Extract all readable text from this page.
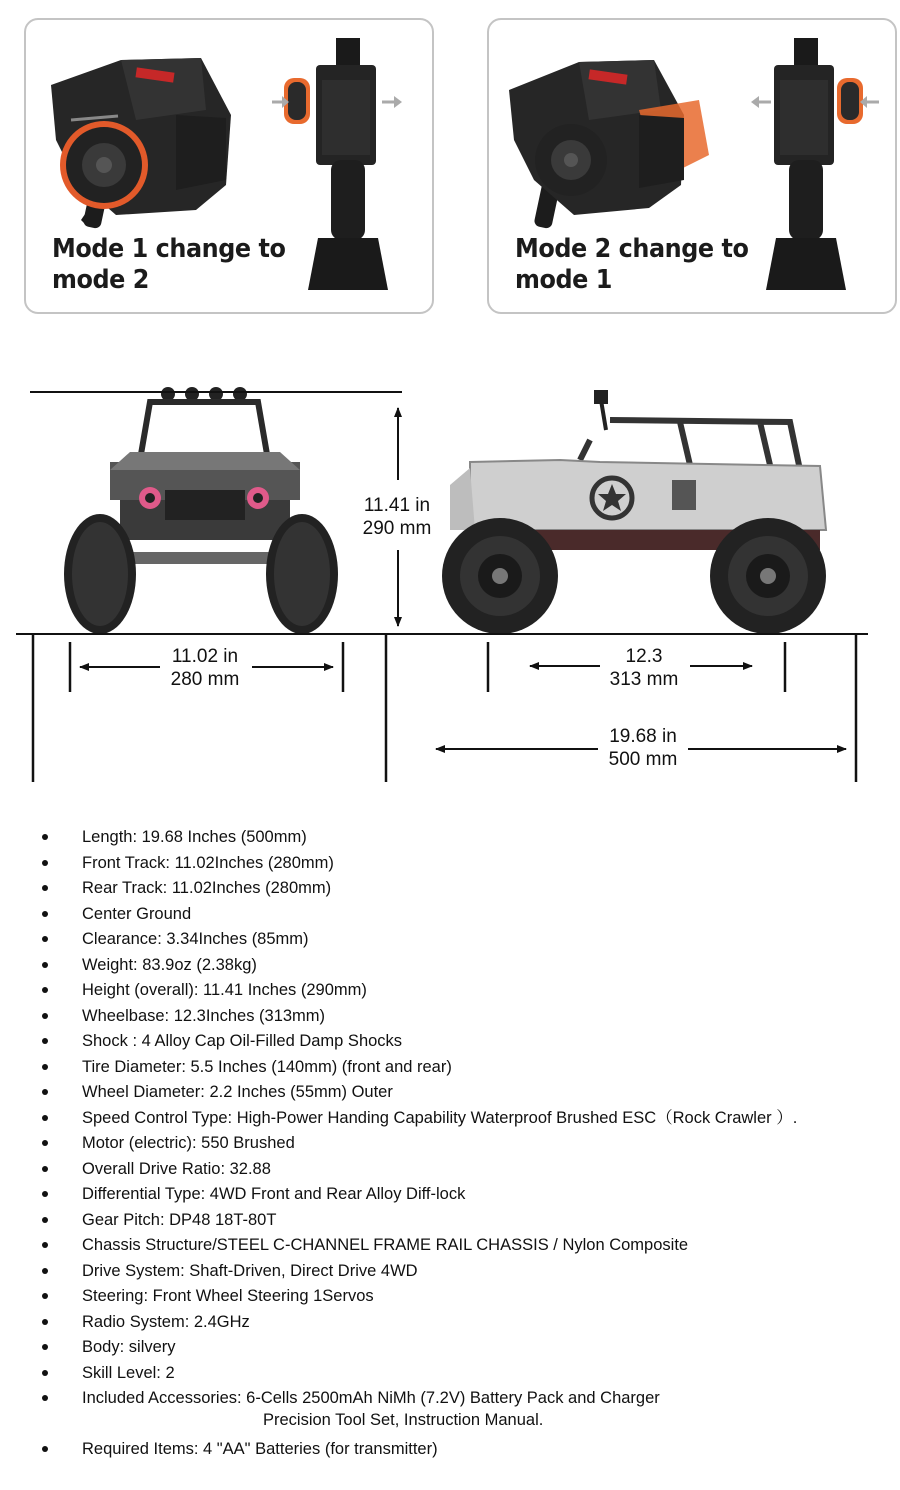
Mode 1 change to
mode 2
Mode 2 change to
mode 1
11.41 in
290 mm
11.02 in
280 mm
12.3
313 mm
19.68 in
500 mm
Length: 19.68 Inches (500mm)
Front Track: 11.02Inches (280mm)
Rear Track: 11.02Inches (280mm)
Center Ground
Clearance: 3.34Inches (85mm)
Weight: 83.9oz (2.38kg)
Height (overall): 11.41 Inches (290mm)
Wheelbase: 12.3Inches (313mm)
Shock : 4 Alloy Cap Oil-Filled Damp Shocks
Tire Diameter: 5.5 Inches (140mm) (front and rear)
Wheel Diameter: 2.2 Inches (55mm) Outer
Speed Control Type: High-Power Handing Capability Waterproof Brushed ESC（Rock Crawler ）.
Motor (electric): 550 Brushed
Overall Drive Ratio: 32.88
Differential Type: 4WD Front and Rear Alloy Diff-lock
Gear Pitch: DP48 18T-80T
Chassis Structure/STEEL C-CHANNEL FRAME RAIL CHASSIS / Nylon Composite
Drive System: Shaft-Driven, Direct Drive 4WD
Steering: Front Wheel Steering 1Servos
Radio System: 2.4GHz
Body: silvery
Skill Level: 2
Included Accessories: 6-Cells 2500mAh NiMh (7.2V) Battery Pack and Charger
Precision Tool Set, Instruction Manual.
Required Items: 4 "AA" Batteries (for transmitter)
